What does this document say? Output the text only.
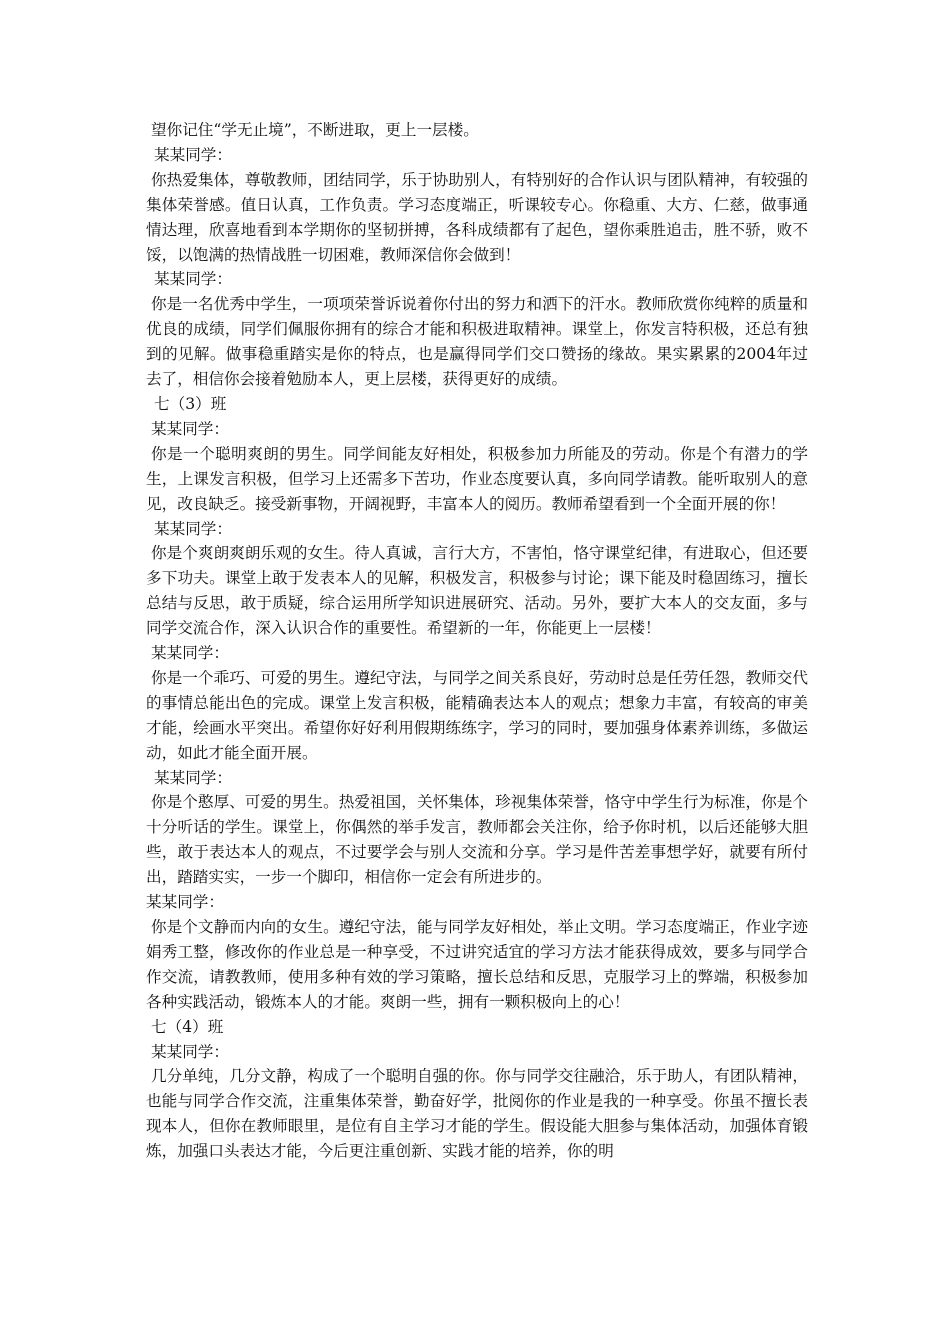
望你记住“学无止境”，不断进取，更上一层楼。

某某同学：

你热爱集体，尊敬教师，团结同学，乐于协助别人，有特别好的合作认识与团队精神，有较强的集体荣誉感。值日认真，工作负责。学习态度端正，听课较专心。你稳重、大方、仁慈，做事通情达理，欣喜地看到本学期你的坚韧拼搏，各科成绩都有了起色，望你乘胜追击，胜不骄，败不馁，以饱满的热情战胜一切困难，教师深信你会做到！

某某同学：

你是一名优秀中学生，一项项荣誉诉说着你付出的努力和洒下的汗水。教师欣赏你纯粹的质量和优良的成绩，同学们佩服你拥有的综合才能和积极进取精神。课堂上，你发言特积极，还总有独到的见解。做事稳重踏实是你的特点，也是赢得同学们交口赞扬的缘故。果实累累的2004年过去了，相信你会接着勉励本人，更上层楼，获得更好的成绩。

七（3）班

某某同学：

你是一个聪明爽朗的男生。同学间能友好相处，积极参加力所能及的劳动。你是个有潜力的学生，上课发言积极，但学习上还需多下苦功，作业态度要认真，多向同学请教。能听取别人的意见，改良缺乏。接受新事物，开阔视野，丰富本人的阅历。教师希望看到一个全面开展的你！

某某同学：

你是个爽朗爽朗乐观的女生。待人真诚，言行大方，不害怕，恪守课堂纪律，有进取心，但还要多下功夫。课堂上敢于发表本人的见解，积极发言，积极参与讨论；课下能及时稳固练习，擅长总结与反思，敢于质疑，综合运用所学知识进展研究、活动。另外，要扩大本人的交友面，多与同学交流合作，深入认识合作的重要性。希望新的一年，你能更上一层楼！

某某同学：

你是一个乖巧、可爱的男生。遵纪守法，与同学之间关系良好，劳动时总是任劳任怨，教师交代的事情总能出色的完成。课堂上发言积极，能精确表达本人的观点；想象力丰富，有较高的审美才能，绘画水平突出。希望你好好利用假期练练字，学习的同时，要加强身体素养训练，多做运动，如此才能全面开展。

某某同学：

你是个憨厚、可爱的男生。热爱祖国，关怀集体，珍视集体荣誉，恪守中学生行为标准，你是个十分听话的学生。课堂上，你偶然的举手发言，教师都会关注你，给予你时机，以后还能够大胆些，敢于表达本人的观点，不过要学会与别人交流和分享。学习是件苦差事想学好，就要有所付出，踏踏实实，一步一个脚印，相信你一定会有所进步的。

某某同学：

你是个文静而内向的女生。遵纪守法，能与同学友好相处，举止文明。学习态度端正，作业字迹娟秀工整，修改你的作业总是一种享受，不过讲究适宜的学习方法才能获得成效，要多与同学合作交流，请教教师，使用多种有效的学习策略，擅长总结和反思，克服学习上的弊端，积极参加各种实践活动，锻炼本人的才能。爽朗一些，拥有一颗积极向上的心！

七（4）班

某某同学：

几分单纯，几分文静，构成了一个聪明自强的你。你与同学交往融洽，乐于助人，有团队精神，也能与同学合作交流，注重集体荣誉，勤奋好学，批阅你的作业是我的一种享受。你虽不擅长表现本人，但你在教师眼里，是位有自主学习才能的学生。假设能大胆参与集体活动，加强体育锻炼，加强口头表达才能，今后更注重创新、实践才能的培养，你的明
